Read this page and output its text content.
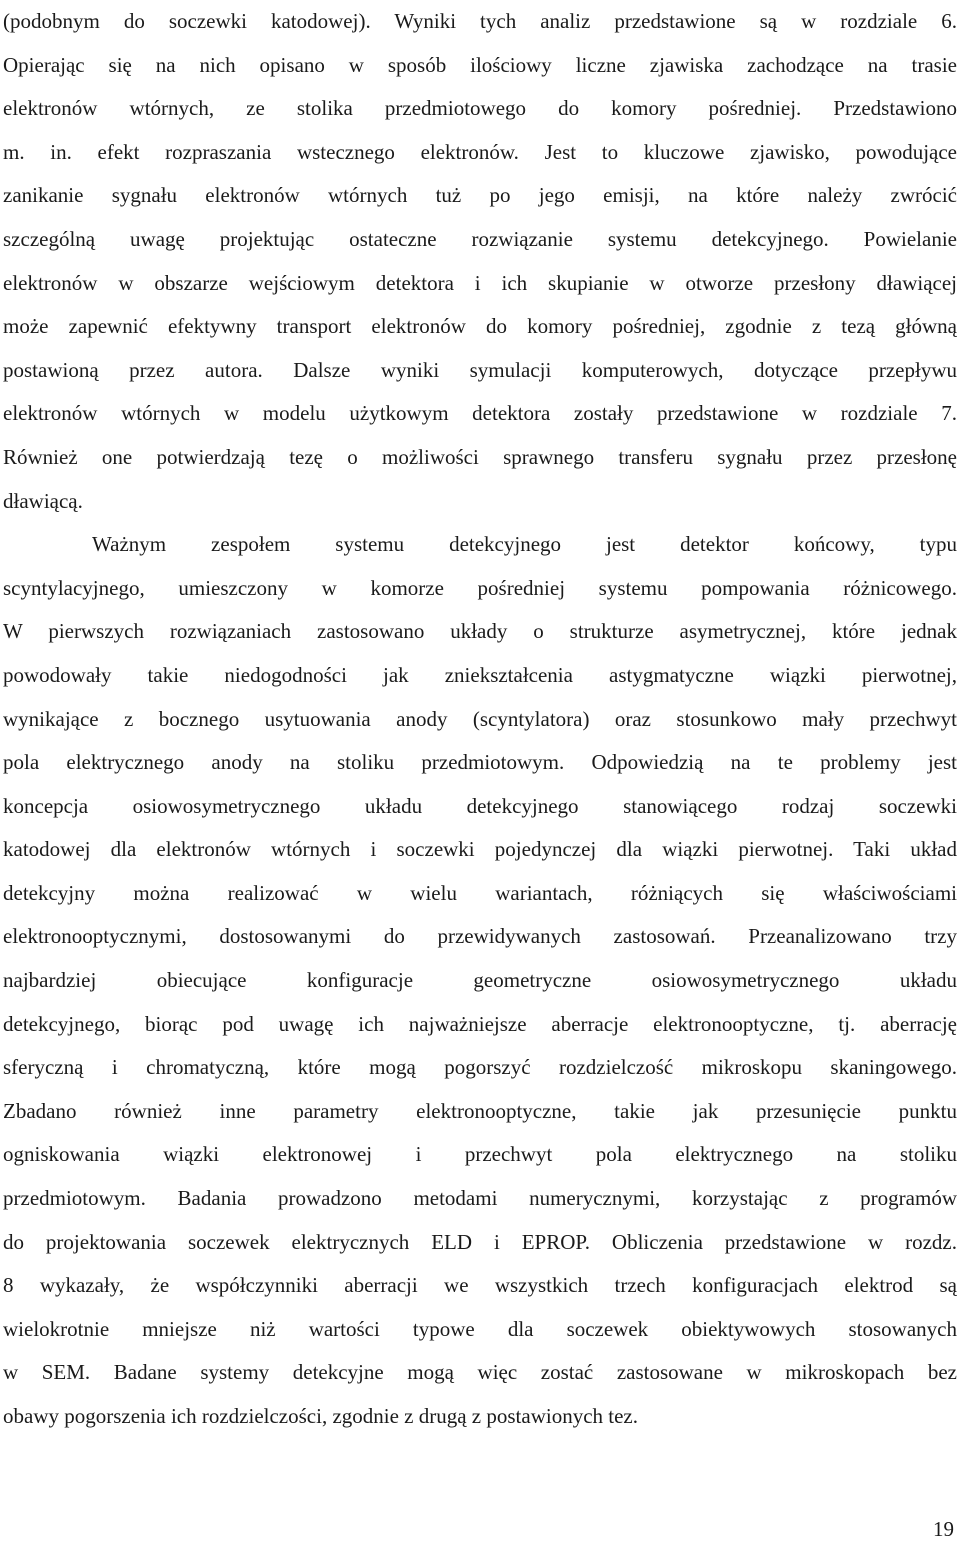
(podobnym do soczewki katodowej). Wyniki tych analiz przedstawione są w rozdziale 6.
Opierając się na nich opisano w sposób ilościowy liczne zjawiska zachodzące na trasie
elektronów wtórnych, ze stolika przedmiotowego do komory pośredniej. Przedstawiono
m. in. efekt rozpraszania wstecznego elektronów. Jest to kluczowe zjawisko, powodujące
zanikanie sygnału elektronów wtórnych tuż po jego emisji, na które należy zwrócić
szczególną uwagę projektując ostateczne rozwiązanie systemu detekcyjnego. Powielanie
elektronów w obszarze wejściowym detektora i ich skupianie w otworze przesłony dławiącej
może zapewnić efektywny transport elektronów do komory pośredniej, zgodnie z tezą główną
postawioną przez autora. Dalsze wyniki symulacji komputerowych, dotyczące przepływu
elektronów wtórnych w modelu użytkowym detektora zostały przedstawione w rozdziale 7.
Również one potwierdzają tezę o możliwości sprawnego transferu sygnału przez przesłonę
dławiącą.
Ważnym zespołem systemu detekcyjnego jest detektor końcowy, typu
scyntylacyjnego, umieszczony w komorze pośredniej systemu pompowania różnicowego.
W pierwszych rozwiązaniach zastosowano układy o strukturze asymetrycznej, które jednak
powodowały takie niedogodności jak zniekształcenia astygmatyczne wiązki pierwotnej,
wynikające z bocznego usytuowania anody (scyntylatora) oraz stosunkowo mały przechwyt
pola elektrycznego anody na stoliku przedmiotowym. Odpowiedzią na te problemy jest
koncepcja osiowosymetrycznego układu detekcyjnego stanowiącego rodzaj soczewki
katodowej dla elektronów wtórnych i soczewki pojedynczej dla wiązki pierwotnej. Taki układ
detekcyjny można realizować w wielu wariantach, różniących się właściwościami
elektronooptycznymi, dostosowanymi do przewidywanych zastosowań. Przeanalizowano trzy
najbardziej obiecujące konfiguracje geometryczne osiowosymetrycznego układu
detekcyjnego, biorąc pod uwagę ich najważniejsze aberracje elektronooptyczne, tj. aberrację
sferyczną i chromatyczną, które mogą pogorszyć rozdzielczość mikroskopu skaningowego.
Zbadano również inne parametry elektronooptyczne, takie jak przesunięcie punktu
ogniskowania wiązki elektronowej i przechwyt pola elektrycznego na stoliku
przedmiotowym. Badania prowadzono metodami numerycznymi, korzystając z programów
do projektowania soczewek elektrycznych ELD i EPROP. Obliczenia przedstawione w rozdz.
8 wykazały, że współczynniki aberracji we wszystkich trzech konfiguracjach elektrod są
wielokrotnie mniejsze niż wartości typowe dla soczewek obiektywowych stosowanych
w SEM. Badane systemy detekcyjne mogą więc zostać zastosowane w mikroskopach bez
obawy pogorszenia ich rozdzielczości, zgodnie z drugą z postawionych tez.
19
